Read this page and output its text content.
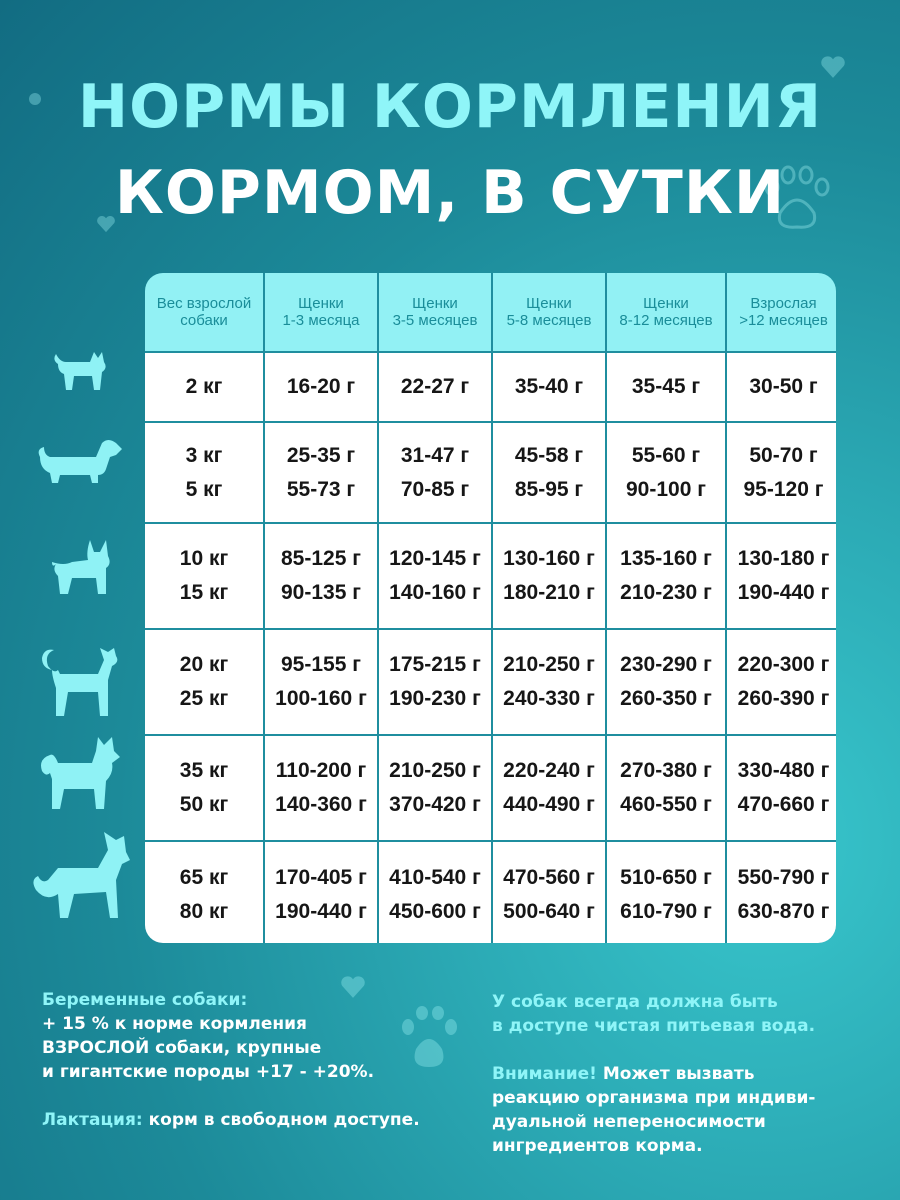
НОРМЫ КОРМЛЕНИЯ
КОРМОМ, В СУТКИ
Вес взрослой
собаки
Щенки
1-3 месяца
Щенки
3-5 месяцев
Щенки
5-8 месяцев
Щенки
8-12 месяцев
Взрослая
>12 месяцев
2 кг	16-20 г 22-27 г 35-40 г 35-45 г 30-50 г
3 кг
5 кг
25-35 г
55-73 г
31-47 г
70-85 г
45-58 г
85-95 г
55-60 г
90-100 г
50-70 г
95-120 г
10 кг
15 кг
85-125 г
90-135 г
120-145 г
140-160 г
130-160 г
180-210 г
135-160 г
210-230 г
130-180 г
190-440 г
20 кг
25 кг
95-155 г
100-160 г
175-215 г
190-230 г
210-250 г
240-330 г
230-290 г
260-350 г
220-300 г
260-390 г
35 кг
50 кг
110-200 г
140-360 г
210-250 г
370-420 г
220-240 г
440-490 г
270-380 г
460-550 г
330-480 г
470-660 г
65 кг
80 кг
170-405 г
190-440 г
410-540 г
450-600 г
470-560 г
500-640 г
510-650 г
610-790 г
550-790 г
630-870 г
Беременные собаки:
+ 15 % к норме кормления
ВЗРОСЛОЙ собаки, крупные
и гигантские породы +17 - +20%.
Лактация: корм в свободном доступе.
У собак всегда должна быть
в доступе чистая питьевая вода.
Внимание! Может вызвать
реакцию организма при индиви-
дуальной непереносимости
ингредиентов корма.
